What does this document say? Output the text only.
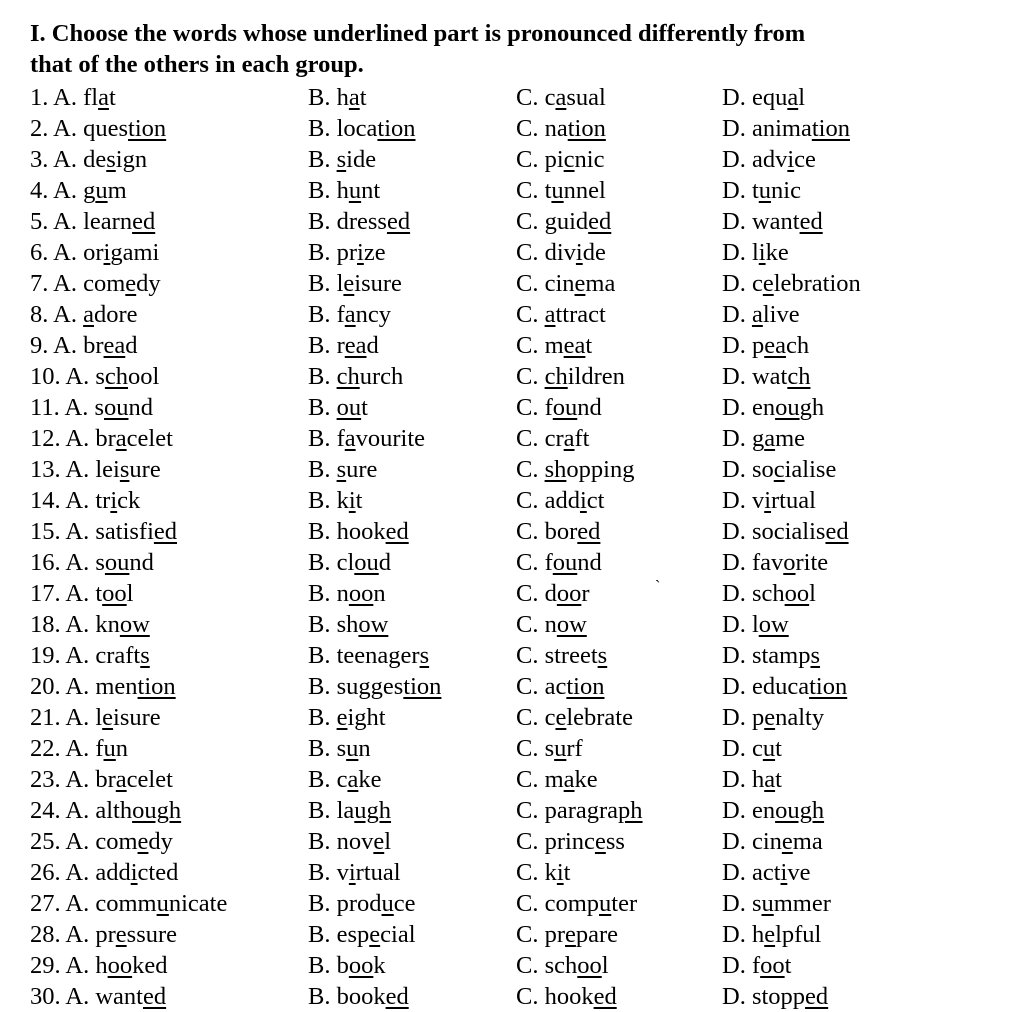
I. Choose the words whose underlined part is pronounced differently from
that of the others in each group.
1. A. flat	B. hat	C. casual	D. equal
2. A. question	B. location	C. nation	D. animation
3. A. design	B. side	C. picnic	D. advice
4. A. gum	B. hunt	C. tunnel	D. tunic
5. A. learned	B. dressed	C. guided	D. wanted
6. A. origami	B. prize	C. divide	D. like
7. A. comedy	B. leisure	C. cinema	D. celebration
8. A. adore	B. fancy	C. attract	D. alive
9. A. bread	B. read	C. meat	D. peach
10. A. school	B. church	C. children	D. watch
11. A. sound	B. out	C. found	D. enough
12. A. bracelet	B. favourite	C. craft	D. game
13. A. leisure	B. sure	C. shopping	D. socialise
14. A. trick	B. kit	C. addict	D. virtual
15. A. satisfied	B. hooked	C. bored	D. socialised
16. A. sound	B. cloud	C. found	D. favorite
17. A. tool	B. noon	C. door	D. school
18. A. know	B. show	C. now	D. low
19. A. crafts	B. teenagers	C. streets	D. stamps
20. A. mention	B. suggestion	C. action	D. education
21. A. leisure	B. eight	C. celebrate	D. penalty
22. A. fun	B. sun	C. surf	D. cut
23. A. bracelet	B. cake	C. make	D. hat
24. A. although	B. laugh	C. paragraph	D. enough
25. A. comedy	B. novel	C. princess	D. cinema
26. A. addicted	B. virtual	C. kit	D. active
27. A. communicate	B. produce	C. computer	D. summer
28. A. pressure	B. especial	C. prepare	D. helpful
29. A. hooked	B. book	C. school	D. foot
30. A. wanted	B. booked	C. hooked	D. stopped
`
